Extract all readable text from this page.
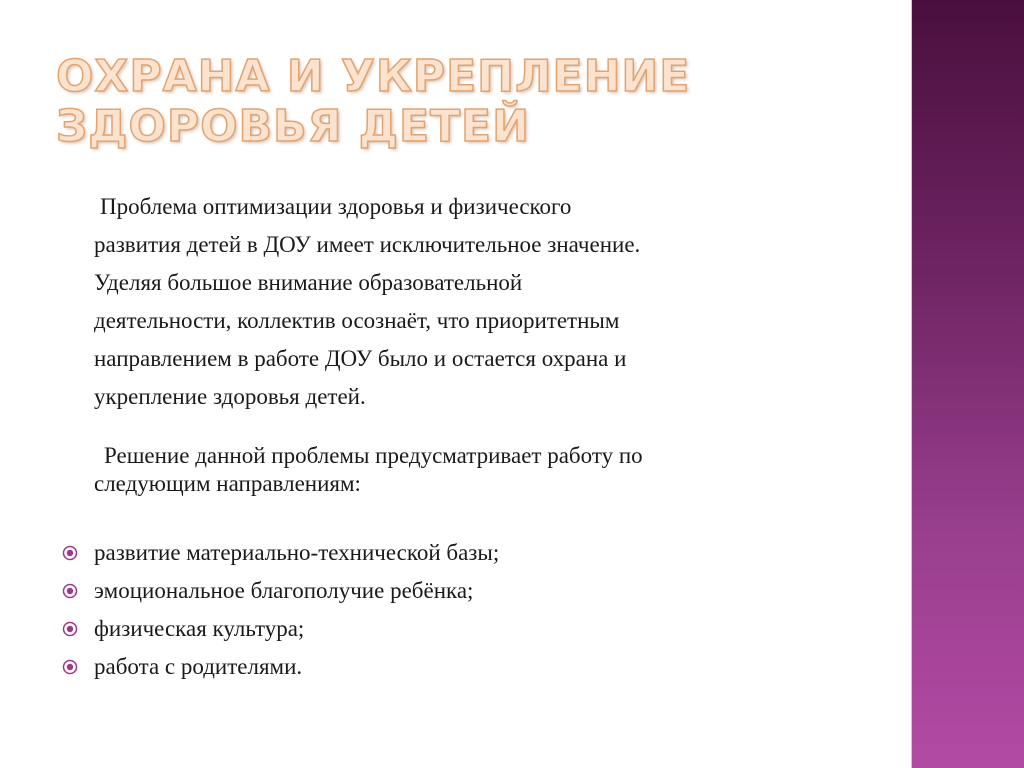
ОХРАНА И УКРЕПЛЕНИЕ
ЗДОРОВЬЯ ДЕТЕЙ

Проблема оптимизации здоровья и физического
развития детей в ДОУ имеет исключительное значение.
Уделяя большое внимание образовательной
деятельности, коллектив осознаёт, что приоритетным
направлением в работе ДОУ было и остается охрана и
укрепление здоровья детей.

Решение данной проблемы предусматривает работу по
следующим направлениям:

развитие материально-технической базы;
эмоциональное благополучие ребёнка;
физическая культура;
работа с родителями.
